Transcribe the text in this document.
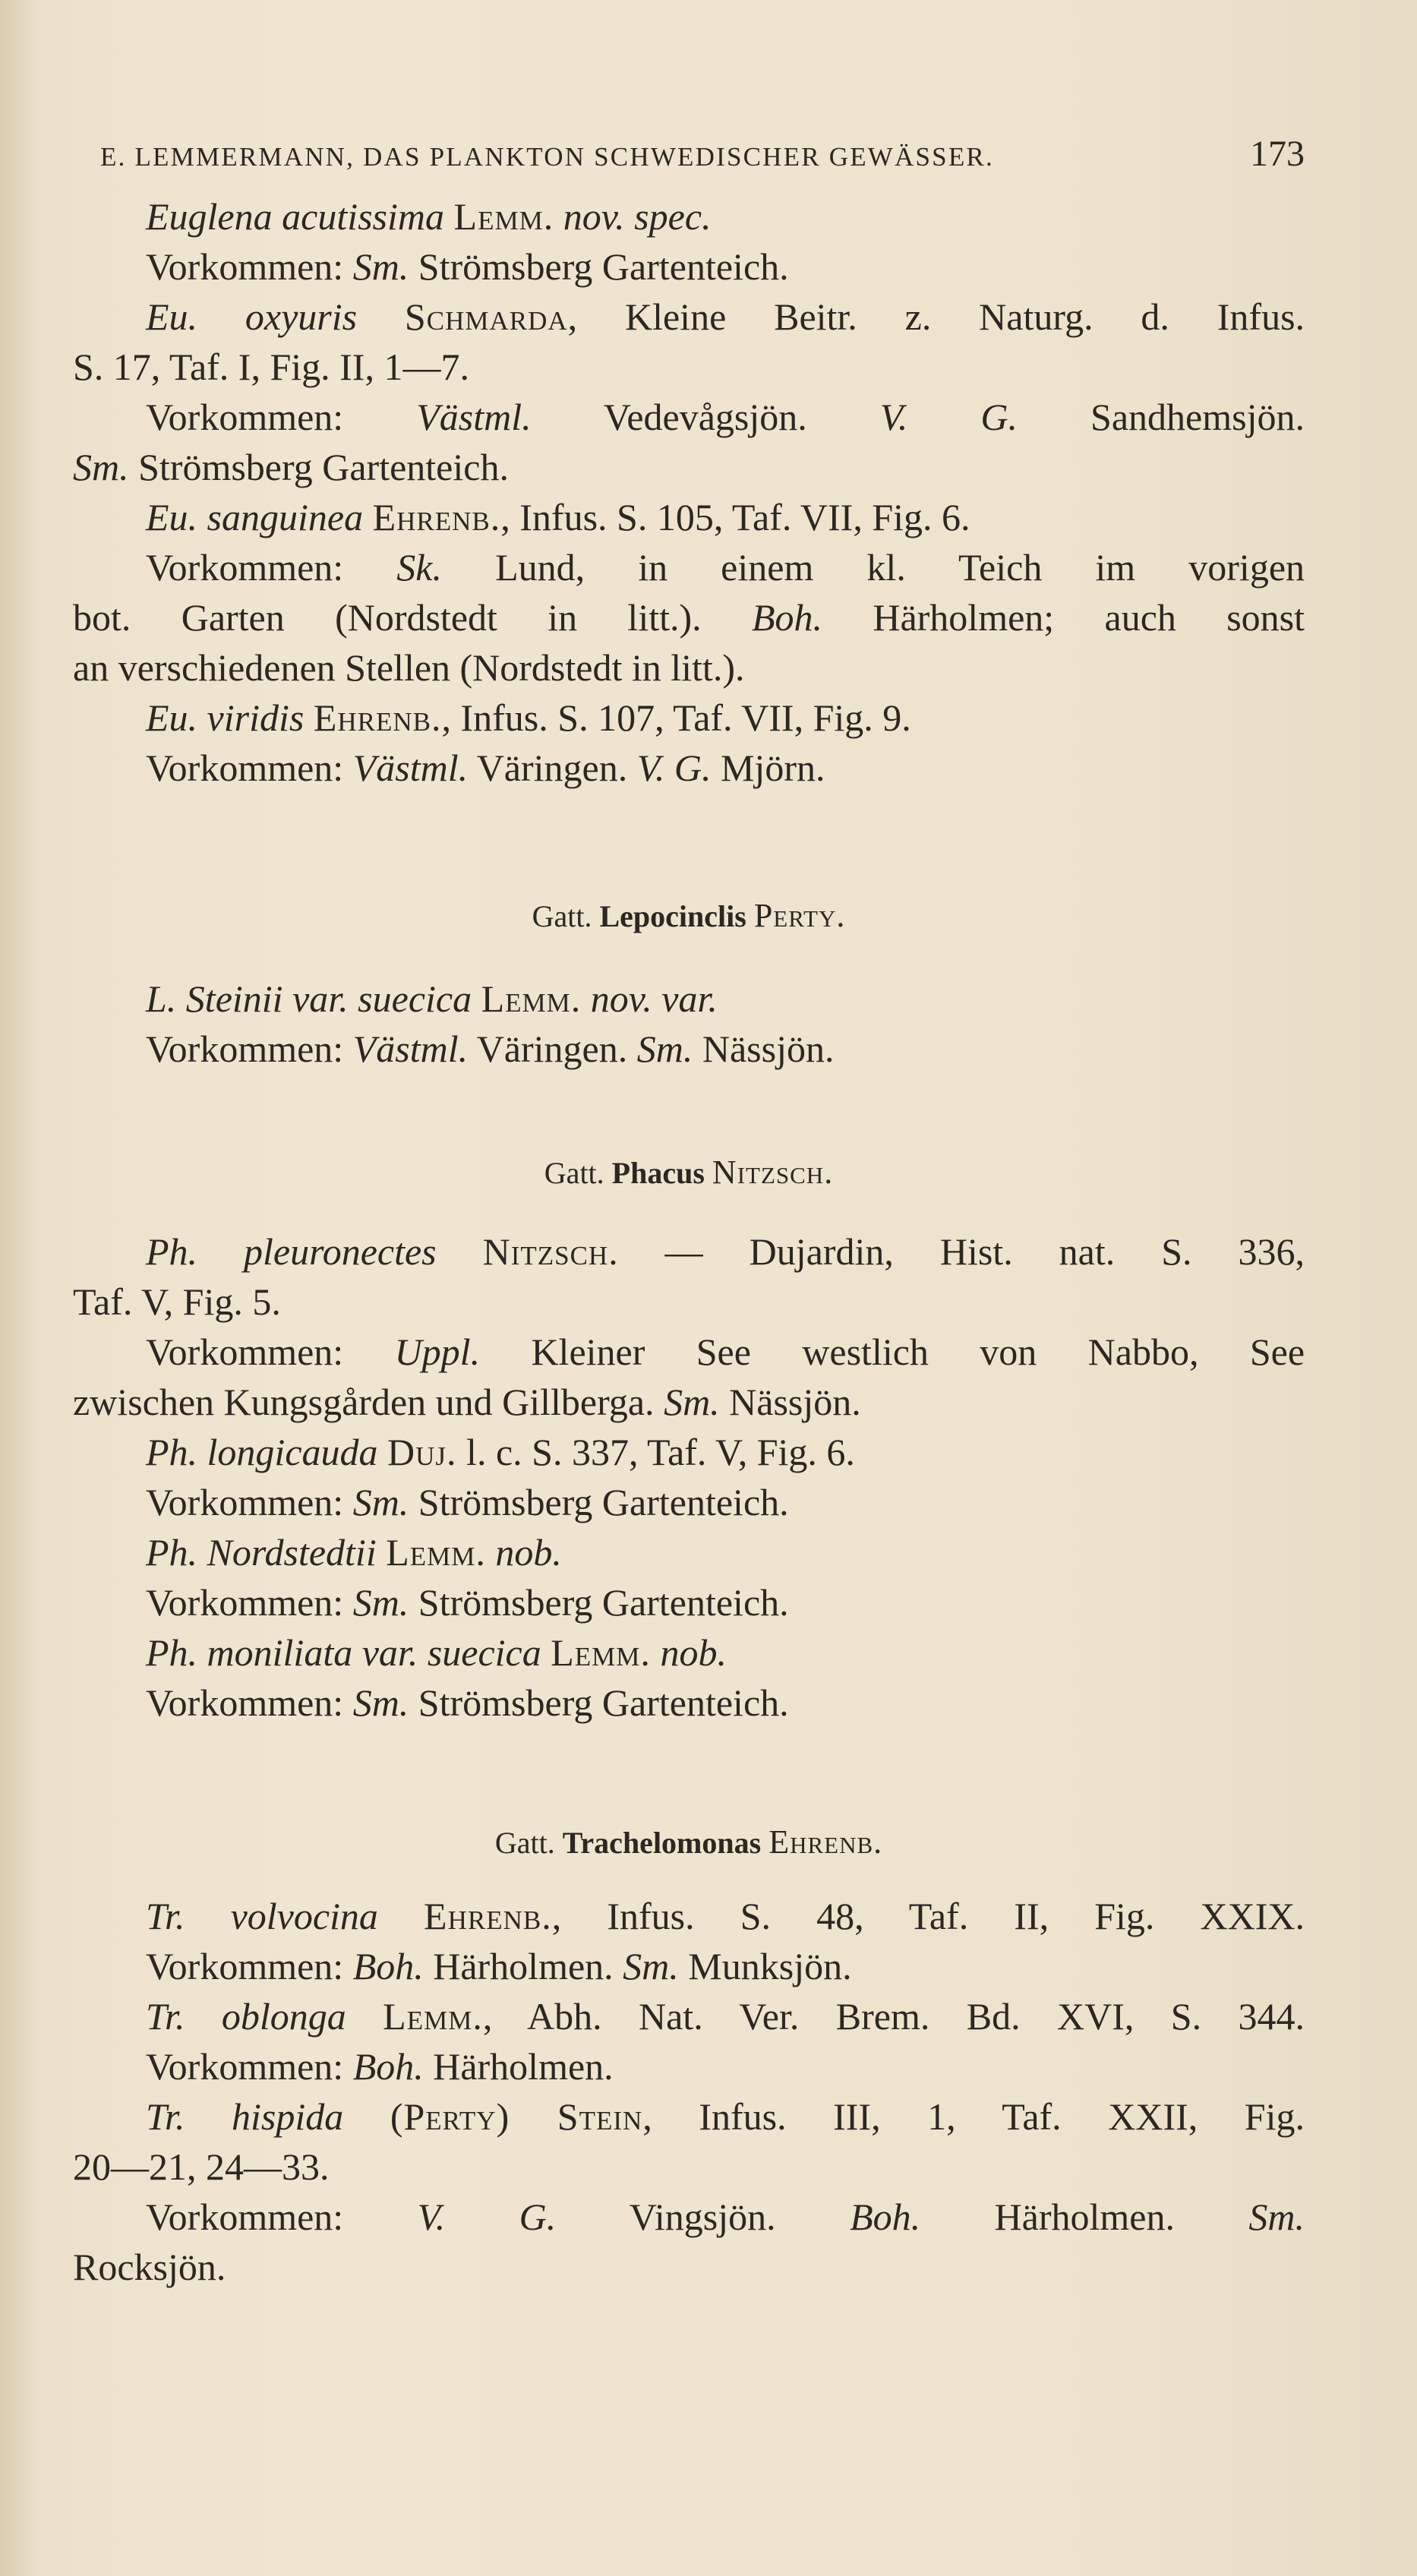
E. LEMMERMANN, DAS PLANKTON SCHWEDISCHER GEWÄSSER.	173
Euglena acutissima Lemm. nov. spec.
Vorkommen: Sm. Strömsberg Gartenteich.
Eu. oxyuris Schmarda, Kleine Beitr. z. Naturg. d. Infus.
S. 17, Taf. I, Fig. II, 1—7.
Vorkommen: Västml. Vedevågsjön. V. G. Sandhemsjön.
Sm. Strömsberg Gartenteich.
Eu. sanguinea Ehrenb., Infus. S. 105, Taf. VII, Fig. 6.
Vorkommen: Sk. Lund, in einem kl. Teich im vorigen
bot. Garten (Nordstedt in litt.). Boh. Härholmen; auch sonst
an verschiedenen Stellen (Nordstedt in litt.).
Eu. viridis Ehrenb., Infus. S. 107, Taf. VII, Fig. 9.
Vorkommen: Västml. Väringen. V. G. Mjörn.
Gatt. Lepocinclis Perty.
L. Steinii var. suecica Lemm. nov. var.
Vorkommen: Västml. Väringen. Sm. Nässjön.
Gatt. Phacus Nitzsch.
Ph. pleuronectes Nitzsch. — Dujardin, Hist. nat. S. 336,
Taf. V, Fig. 5.
Vorkommen: Uppl. Kleiner See westlich von Nabbo, See
zwischen Kungsgården und Gillberga. Sm. Nässjön.
Ph. longicauda Duj. l. c. S. 337, Taf. V, Fig. 6.
Vorkommen: Sm. Strömsberg Gartenteich.
Ph. Nordstedtii Lemm. nob.
Vorkommen: Sm. Strömsberg Gartenteich.
Ph. moniliata var. suecica Lemm. nob.
Vorkommen: Sm. Strömsberg Gartenteich.
Gatt. Trachelomonas Ehrenb.
Tr. volvocina Ehrenb., Infus. S. 48, Taf. II, Fig. XXIX.
Vorkommen: Boh. Härholmen. Sm. Munksjön.
Tr. oblonga Lemm., Abh. Nat. Ver. Brem. Bd. XVI, S. 344.
Vorkommen: Boh. Härholmen.
Tr. hispida (Perty) Stein, Infus. III, 1, Taf. XXII, Fig.
20—21, 24—33.
Vorkommen: V. G. Vingsjön. Boh. Härholmen. Sm.
Rocksjön.
